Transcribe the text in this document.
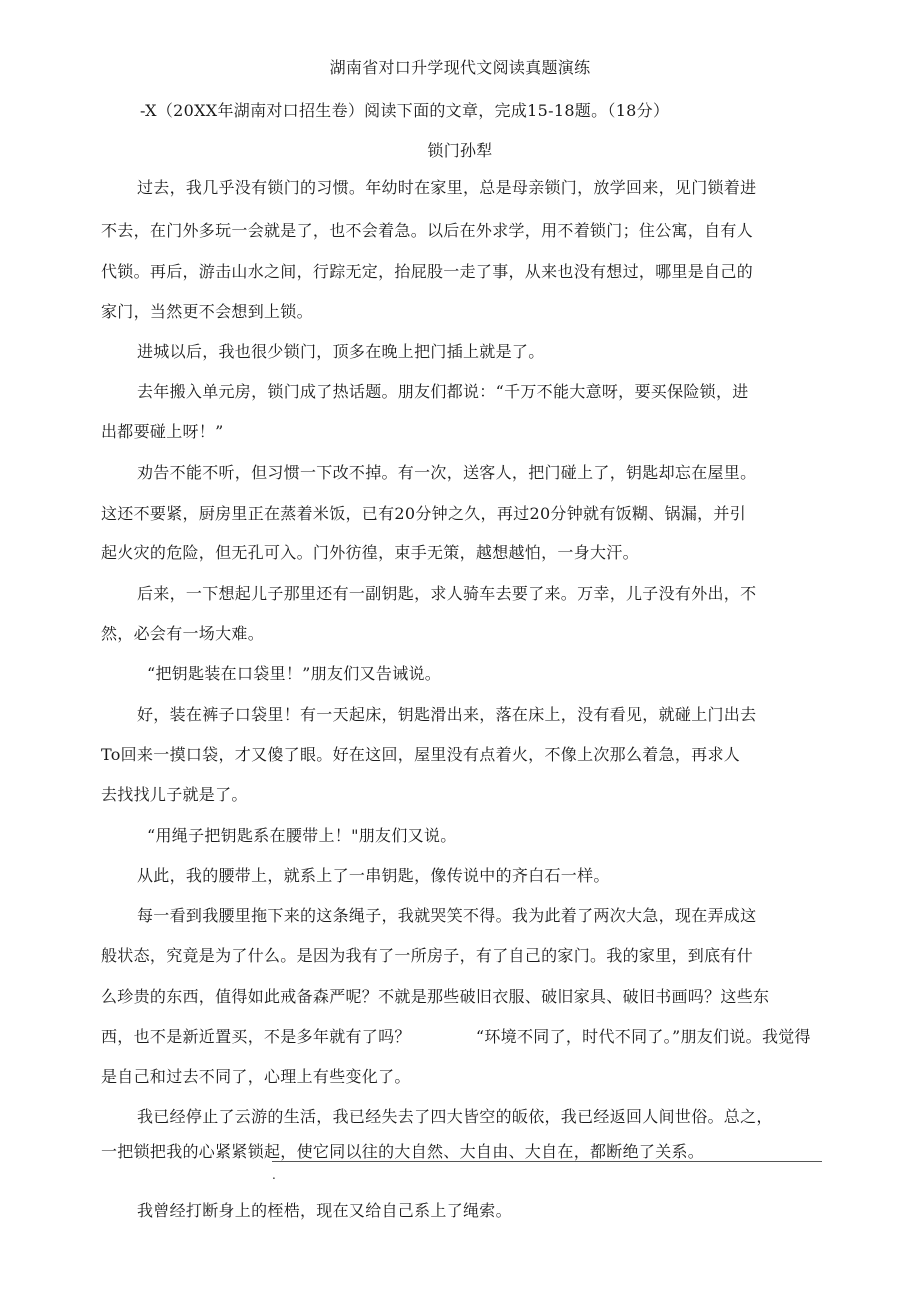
湖南省对口升学现代文阅读真题演练
-X（20XX年湖南对口招生卷）阅读下面的文章，完成15-18题。（18分）
锁门孙犁
过去，我几乎没有锁门的习惯。年幼时在家里，总是母亲锁门，放学回来，见门锁着进
不去，在门外多玩一会就是了，也不会着急。以后在外求学，用不着锁门；住公寓，自有人
代锁。再后，游击山水之间，行踪无定，抬屁股一走了事，从来也没有想过，哪里是自己的
家门，当然更不会想到上锁。
进城以后，我也很少锁门，顶多在晚上把门插上就是了。
去年搬入单元房，锁门成了热话题。朋友们都说：“千万不能大意呀，要买保险锁，进
出都要碰上呀！”
劝告不能不听，但习惯一下改不掉。有一次，送客人，把门碰上了，钥匙却忘在屋里。
这还不要紧，厨房里正在蒸着米饭，已有20分钟之久，再过20分钟就有饭糊、锅漏，并引
起火灾的危险，但无孔可入。门外彷徨，束手无策，越想越怕，一身大汗。
后来，一下想起儿子那里还有一副钥匙，求人骑车去要了来。万幸，儿子没有外出，不
然，必会有一场大难。
“把钥匙装在口袋里！”朋友们又告诫说。
好，装在裤子口袋里！有一天起床，钥匙滑出来，落在床上，没有看见，就碰上门出去
To回来一摸口袋，才又傻了眼。好在这回，屋里没有点着火，不像上次那么着急，再求人
去找找儿子就是了。
“用绳子把钥匙系在腰带上！"朋友们又说。
从此，我的腰带上，就系上了一串钥匙，像传说中的齐白石一样。
每一看到我腰里拖下来的这条绳子，我就哭笑不得。我为此着了两次大急，现在弄成这
般状态，究竟是为了什么。是因为我有了一所房子，有了自己的家门。我的家里，到底有什
么珍贵的东西，值得如此戒备森严呢？不就是那些破旧衣服、破旧家具、破旧书画吗？这些东
西，也不是新近置买，不是多年就有了吗？　　　　“环境不同了，时代不同了。”朋友们说。我觉得
是自己和过去不同了，心理上有些变化了。
我已经停止了云游的生活，我已经失去了四大皆空的皈依，我已经返回人间世俗。总之，
一把锁把我的心紧紧锁起，使它同以往的大自然、大自由、大自在，都断绝了关系。
.
我曾经打断身上的桎梏，现在又给自己系上了绳索。
